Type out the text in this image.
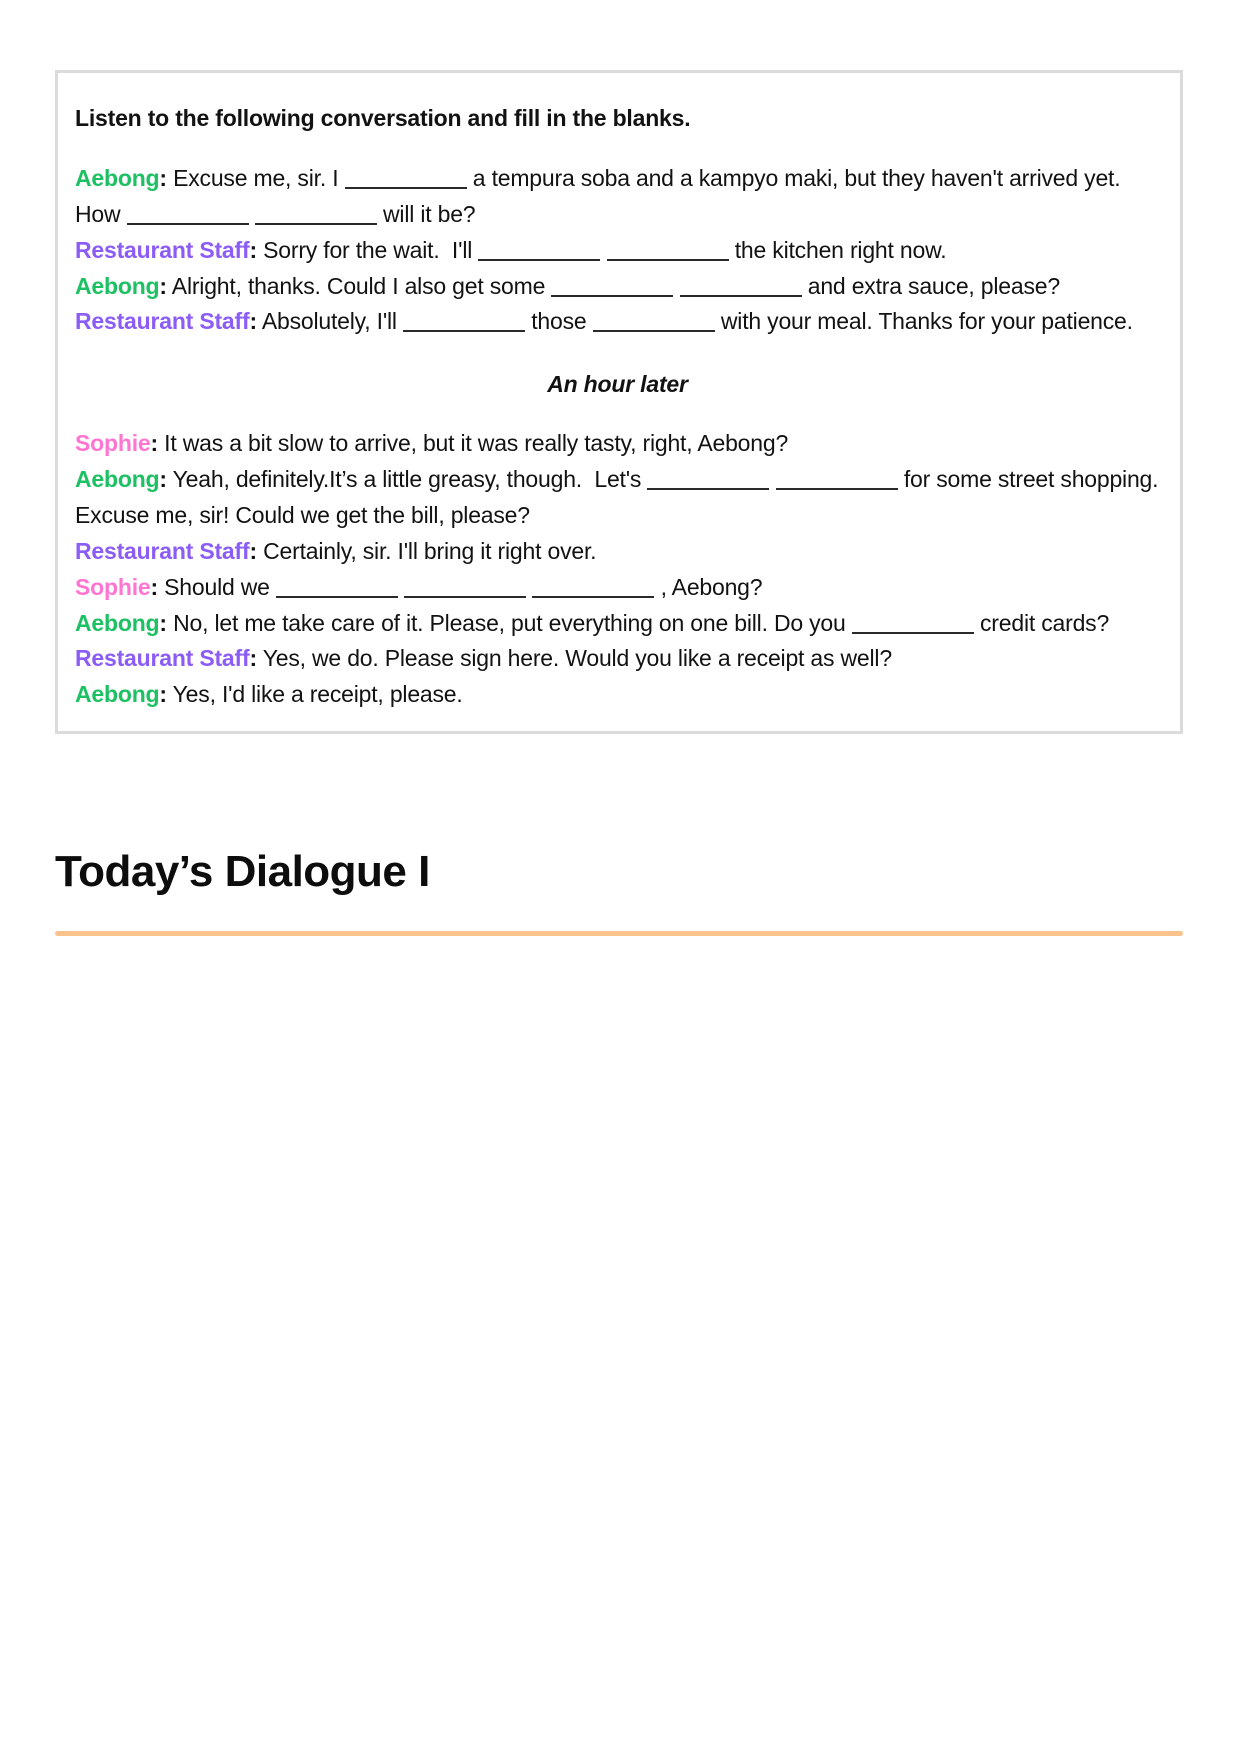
Listen to the following conversation and fill in the blanks.

Aebong: Excuse me, sir. I	a tempura soba and a kampyo maki, but they haven't arrived yet. How	will it be?

Restaurant Staff: Sorry for the wait.  I'll	the kitchen right now.

Aebong: Alright, thanks. Could I also get some	and extra sauce, please?

Restaurant Staff: Absolutely, I'll	those	with your meal. Thanks for your patience.

An hour later

Sophie: It was a bit slow to arrive, but it was really tasty, right, Aebong?

Aebong: Yeah, definitely.It’s a little greasy, though.  Let's	for some street shopping. Excuse me, sir! Could we get the bill, please?

Restaurant Staff: Certainly, sir. I'll bring it right over.

Sophie: Should we	, Aebong?

Aebong: No, let me take care of it. Please, put everything on one bill. Do you	credit cards?

Restaurant Staff: Yes, we do. Please sign here. Would you like a receipt as well?

Aebong: Yes, I'd like a receipt, please.

Today’s Dialogue I
